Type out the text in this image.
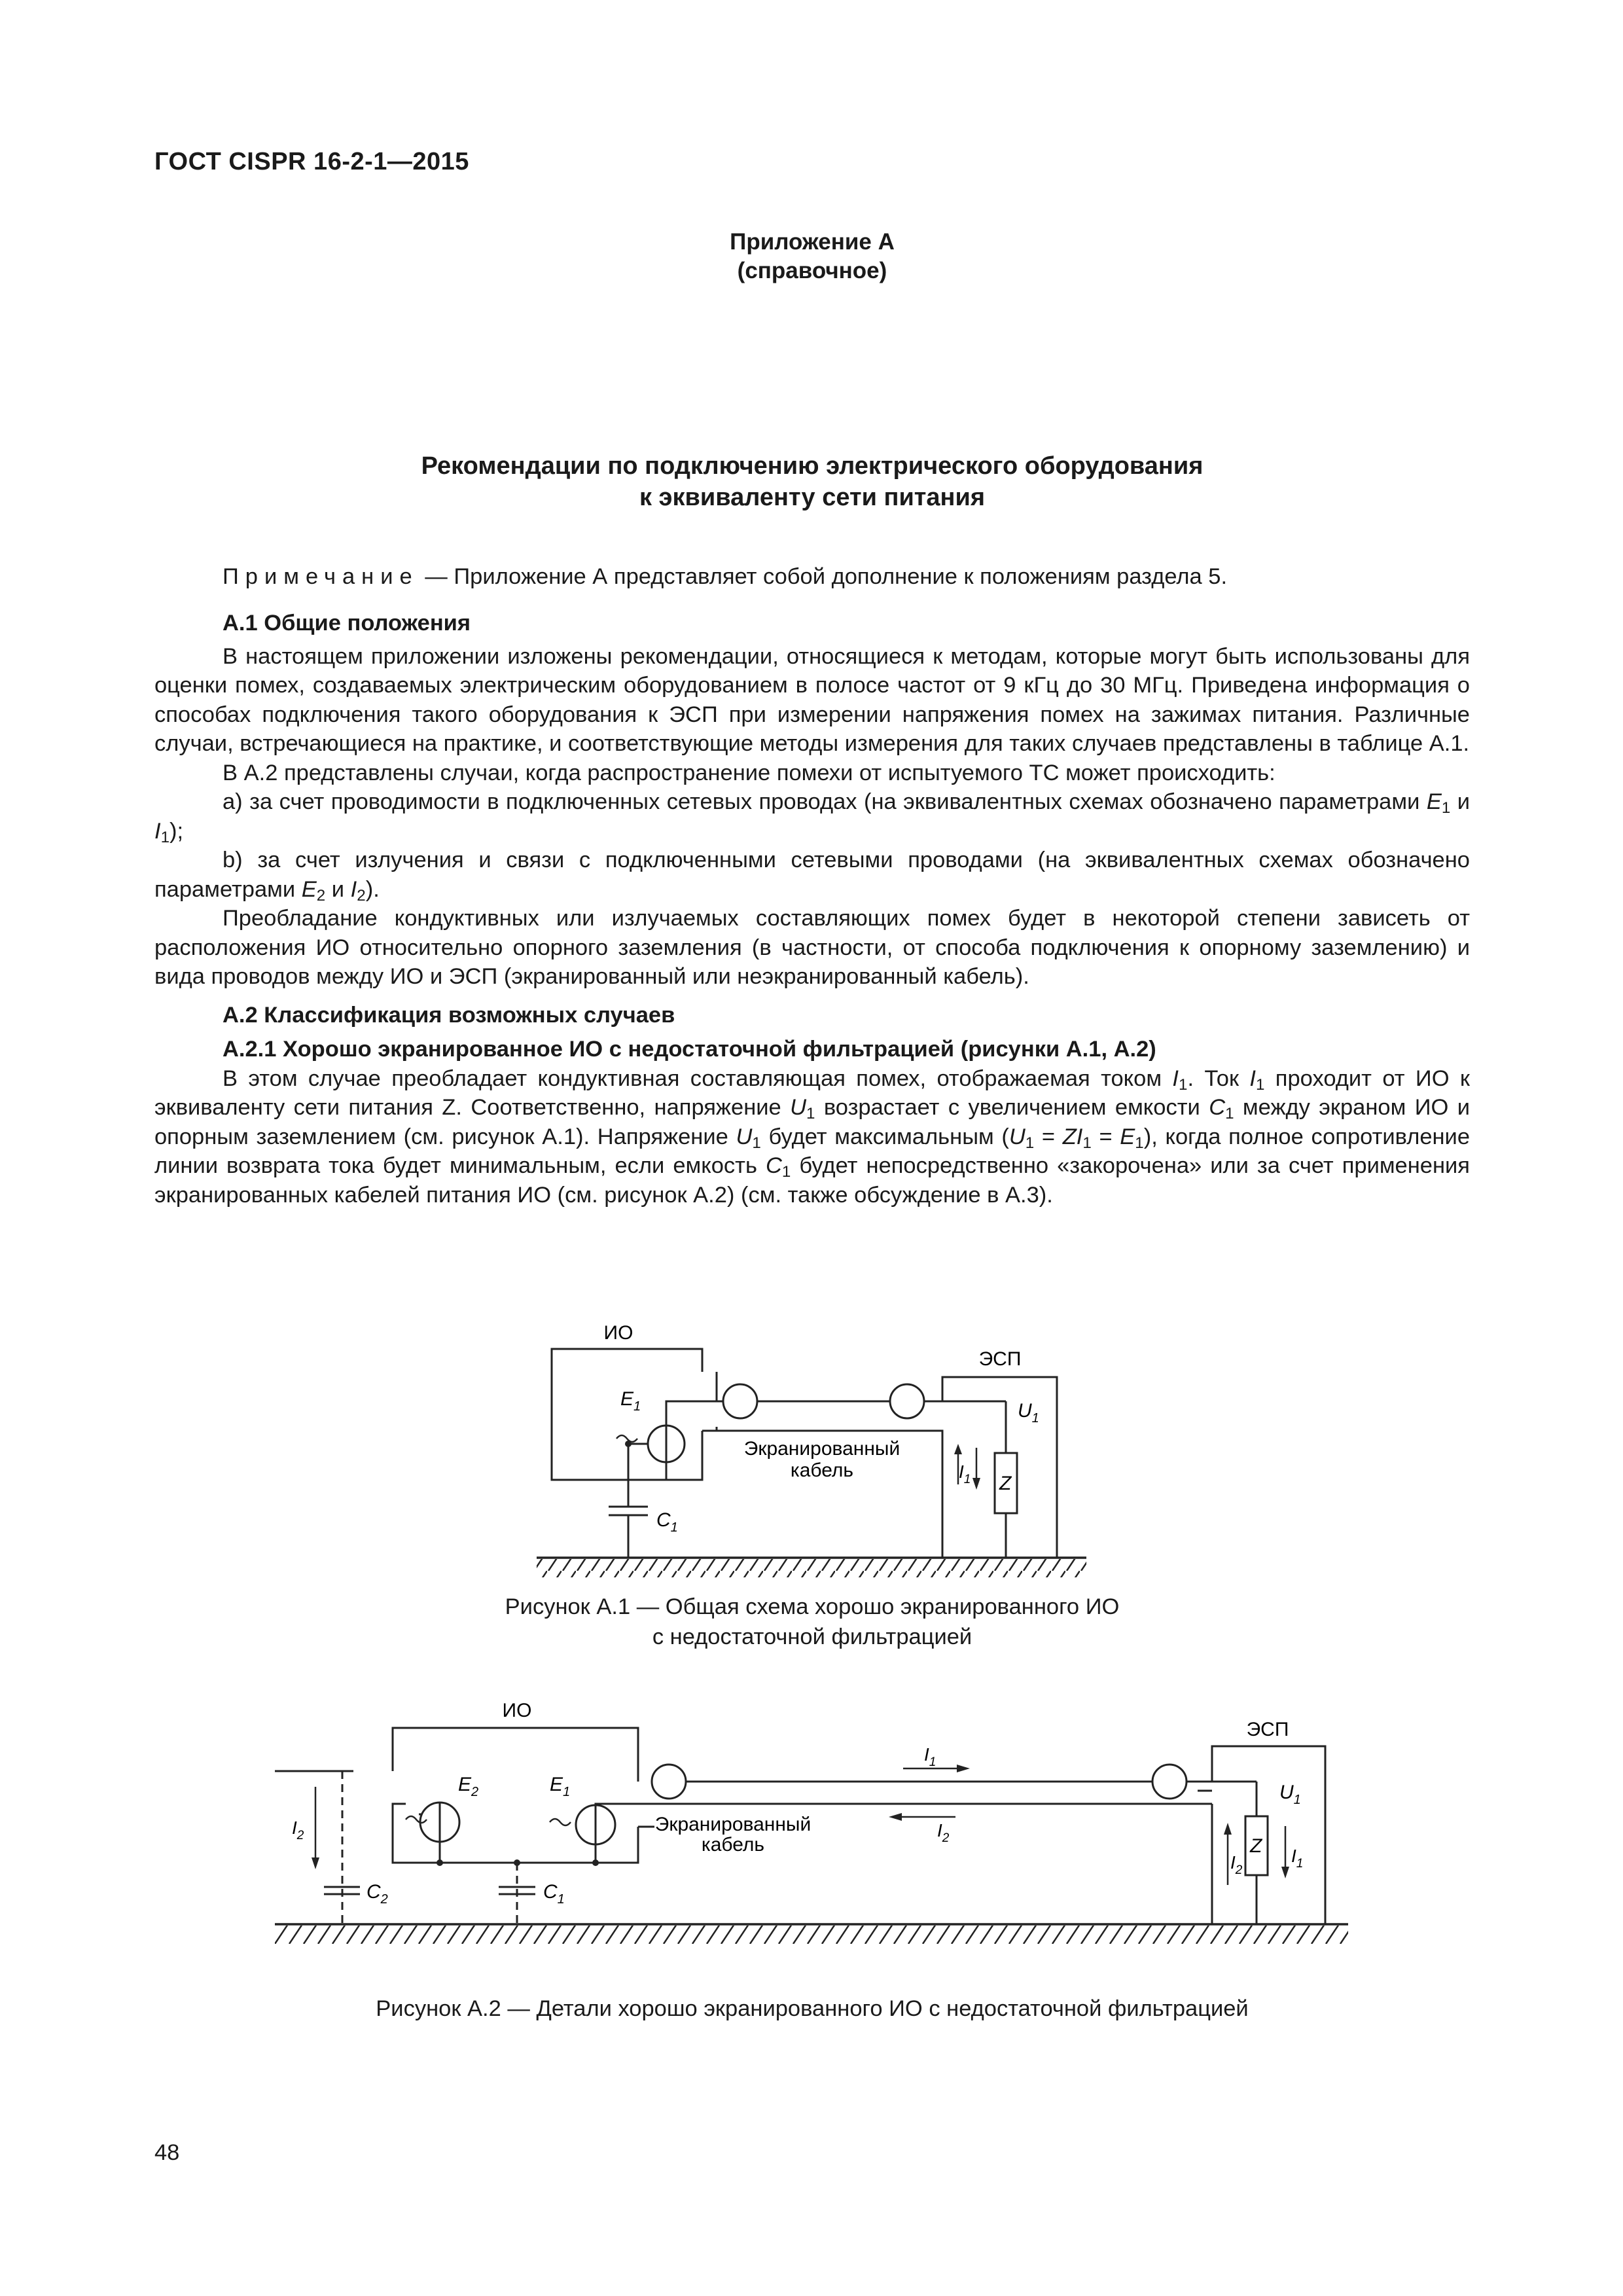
ГОСТ CISPR 16-2-1—2015
Приложение А
(справочное)
Рекомендации по подключению электрического оборудования
к эквиваленту сети питания
Примечание — Приложение А представляет собой дополнение к положениям раздела 5.

А.1 Общие положения

В настоящем приложении изложены рекомендации, относящиеся к методам, которые могут быть использованы для оценки помех, создаваемых электрическим оборудованием в полосе частот от 9 кГц до 30 МГц. Приведена информация о способах подключения такого оборудования к ЭСП при измерении напряжения помех на зажимах питания. Различные случаи, встречающиеся на практике, и соответствующие методы измерения для таких случаев представлены в таблице А.1.

В А.2 представлены случаи, когда распространение помехи от испытуемого ТС может происходить:

а) за счет проводимости в подключенных сетевых проводах (на эквивалентных схемах обозначено параметрами $E_1$ и $I_1$);

b) за счет излучения и связи с подключенными сетевыми проводами (на эквивалентных схемах обозначено параметрами $E_2$ и $I_2$).

Преобладание кондуктивных или излучаемых составляющих помех будет в некоторой степени зависеть от расположения ИО относительно опорного заземления (в частности, от способа подключения к опорному заземлению) и вида проводов между ИО и ЭСП (экранированный или неэкранированный кабель).

А.2 Классификация возможных случаев

А.2.1 Хорошо экранированное ИО с недостаточной фильтрацией (рисунки А.1, А.2)

В этом случае преобладает кондуктивная составляющая помех, отображаемая током $I_1$. Ток $I_1$ проходит от ИО к эквиваленту сети питания Z. Соответственно, напряжение $U_1$ возрастает с увеличением емкости $C_1$ между экраном ИО и опорным заземлением (см. рисунок А.1). Напряжение $U_1$ будет максимальным $(U_1 = ZI_1 = E_1)$, когда полное сопротивление линии возврата тока будет минимальным, если емкость $C_1$ будет непосредственно «закорочена» или за счет применения экранированных кабелей питания ИО (см. рисунок А.2) (см. также обсуждение в А.3).

ИО
ЭСП
Экранированный
кабель
$E_1$
$C_1$
$U_1$
$I_1$ Z
Рисунок А.1 — Общая схема хорошо экранированного ИО
с недостаточной фильтрацией
ИО
ЭСП
Экранированный
кабель
$E_2$	$E_1$
$C_2$	$C_1$
$I_2$
$I_1$
$I_2$
$U_1$
$I_2$
Z $I_1$
Рисунок А.2 — Детали хорошо экранированного ИО с недостаточной фильтрацией
48
